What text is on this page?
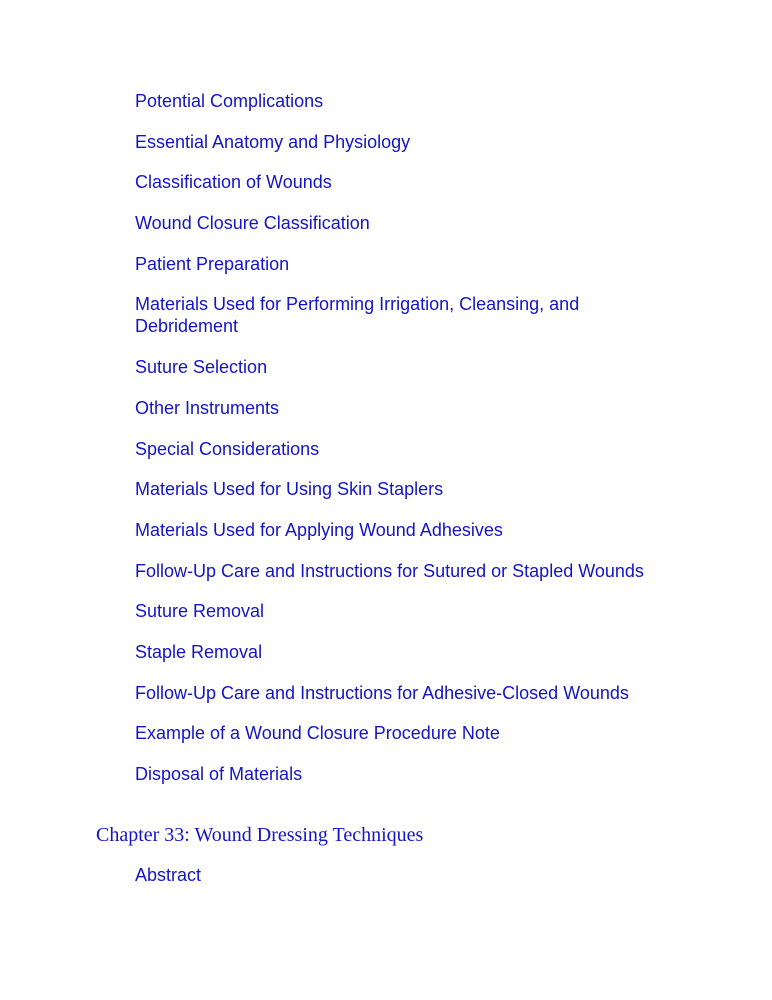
Potential Complications
Essential Anatomy and Physiology
Classification of Wounds
Wound Closure Classification
Patient Preparation
Materials Used for Performing Irrigation, Cleansing, and Debridement
Suture Selection
Other Instruments
Special Considerations
Materials Used for Using Skin Staplers
Materials Used for Applying Wound Adhesives
Follow-Up Care and Instructions for Sutured or Stapled Wounds
Suture Removal
Staple Removal
Follow-Up Care and Instructions for Adhesive-Closed Wounds
Example of a Wound Closure Procedure Note
Disposal of Materials
Chapter 33: Wound Dressing Techniques
Abstract
